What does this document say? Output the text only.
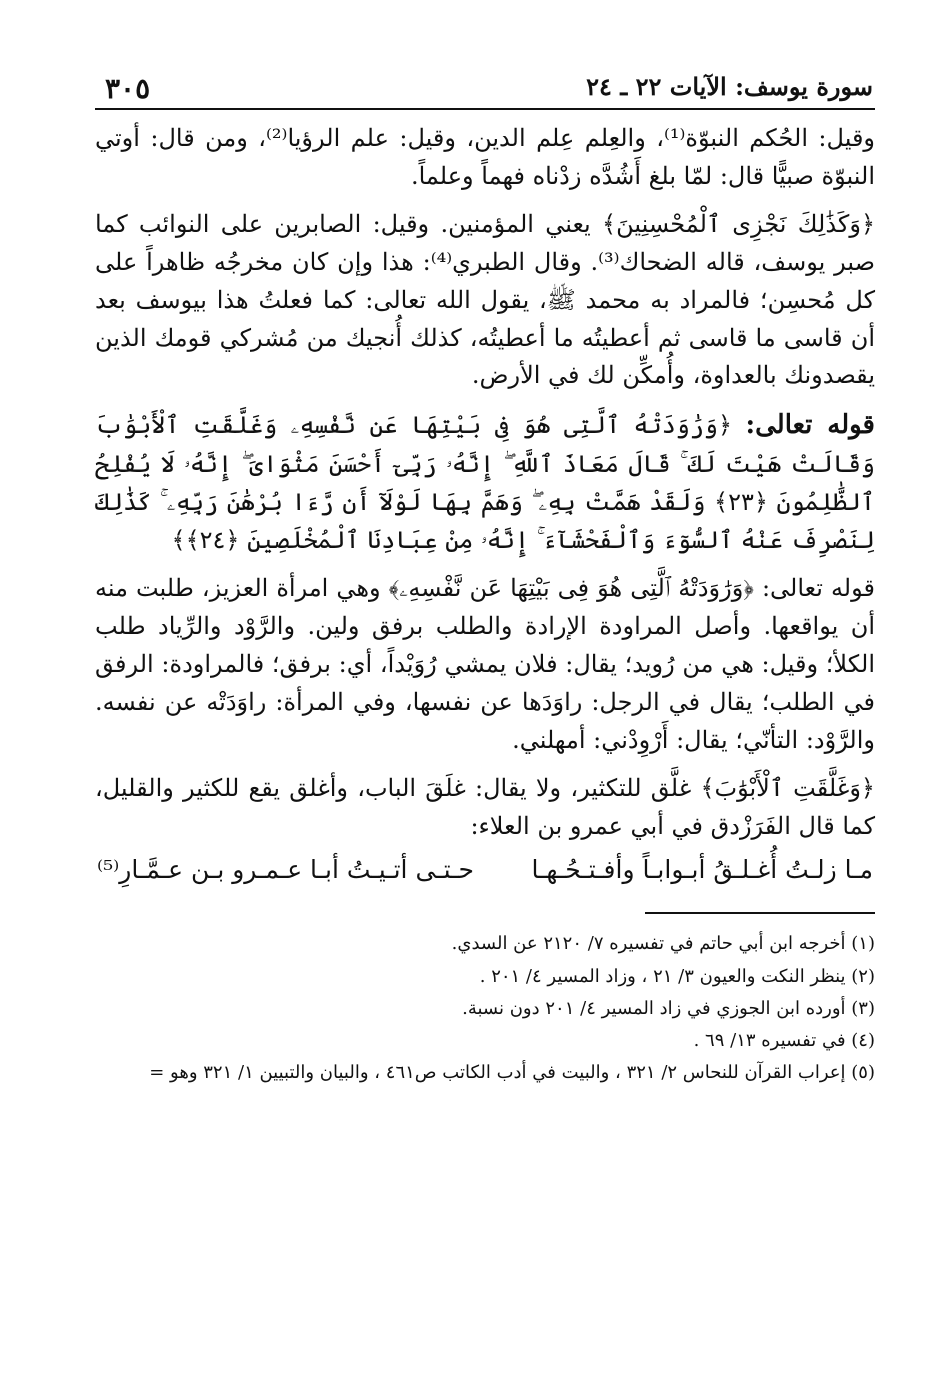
سورة يوسف: الآيات ٢٢ ـ ٢٤
٣٠٥

وقيل: الحُكم النبوّة⁽¹⁾، والعِلم عِلم الدين، وقيل: علم الرؤيا⁽²⁾، ومن قال: أوتي النبوّة صبيًّا قال: لمّا بلغ أَشُدَّه زدْناه فهماً وعلماً.

﴿وَكَذَٰلِكَ نَجْزِى ٱلْمُحْسِنِينَ﴾ يعني المؤمنين. وقيل: الصابرين على النوائب كما صبر يوسف، قاله الضحاك⁽³⁾. وقال الطبري⁽⁴⁾: هذا وإن كان مخرجُه ظاهراً على كل مُحسِن؛ فالمراد به محمد ﷺ، يقول الله تعالى: كما فعلتُ هذا بيوسف بعد أن قاسى ما قاسى ثم أعطيتُه ما أعطيتُه، كذلك أُنجيك من مُشركي قومك الذين يقصدونك بالعداوة، وأُمكِّن لك في الأرض.

قوله تعالى: ﴿وَرَٰوَدَتْهُ ٱلَّتِى هُوَ فِى بَيْتِهَا عَن نَّفْسِهِۦ وَغَلَّقَتِ ٱلْأَبْوَٰبَ وَقَالَتْ هَيْتَ لَكَ ۚ قَالَ مَعَاذَ ٱللَّهِ ۖ إِنَّهُۥ رَبِّىٓ أَحْسَنَ مَثْوَاىَ ۖ إِنَّهُۥ لَا يُفْلِحُ ٱلظَّٰلِمُونَ ﴿٢٣﴾ وَلَقَدْ هَمَّتْ بِهِۦ ۖ وَهَمَّ بِهَا لَوْلَآ أَن رَّءَا بُرْهَٰنَ رَبِّهِۦ ۚ كَذَٰلِكَ لِنَصْرِفَ عَنْهُ ٱلسُّوٓءَ وَٱلْفَحْشَآءَ ۚ إِنَّهُۥ مِنْ عِبَادِنَا ٱلْمُخْلَصِينَ ﴿٢٤﴾﴾

قوله تعالى: ﴿وَرَٰوَدَتْهُ ٱلَّتِى هُوَ فِى بَيْتِهَا عَن نَّفْسِهِۦ﴾ وهي امرأة العزيز، طلبت منه أن يواقعها. وأصل المراودة الإرادة والطلب برفق ولين. والرَّوْد والرِّياد طلب الكلأ؛ وقيل: هي من رُويد؛ يقال: فلان يمشي رُوَيْداً، أي: برفق؛ فالمراودة: الرفق في الطلب؛ يقال في الرجل: راوَدَها عن نفسها، وفي المرأة: راوَدَتْه عن نفسه. والرَّوْد: التأنّي؛ يقال: أَرْوِدْني: أمهلني.

﴿وَغَلَّقَتِ ٱلْأَبْوَٰبَ﴾ غلَّق للتكثير، ولا يقال: غلَقَ الباب، وأغلق يقع للكثير والقليل، كما قال الفَرَزْدق في أبي عمرو بن العلاء:

مـا زلـتُ أُغـلـقُ أبـوابـاً وأفـتـحُـهـا
حـتـى أتـيـتُ أبـا عـمـرو بـن عـمَّـارِ⁽⁵⁾

(١) أخرجه ابن أبي حاتم في تفسيره ٧/ ٢١٢٠ عن السدي.

(٢) ينظر النكت والعيون ٣/ ٢١ ، وزاد المسير ٤/ ٢٠١ .

(٣) أورده ابن الجوزي في زاد المسير ٤/ ٢٠١ دون نسبة.

(٤) في تفسيره ١٣/ ٦٩ .

(٥) إعراب القرآن للنحاس ٢/ ٣٢١ ، والبيت في أدب الكاتب ص٤٦١ ، والبيان والتبيين ١/ ٣٢١ وهو =
